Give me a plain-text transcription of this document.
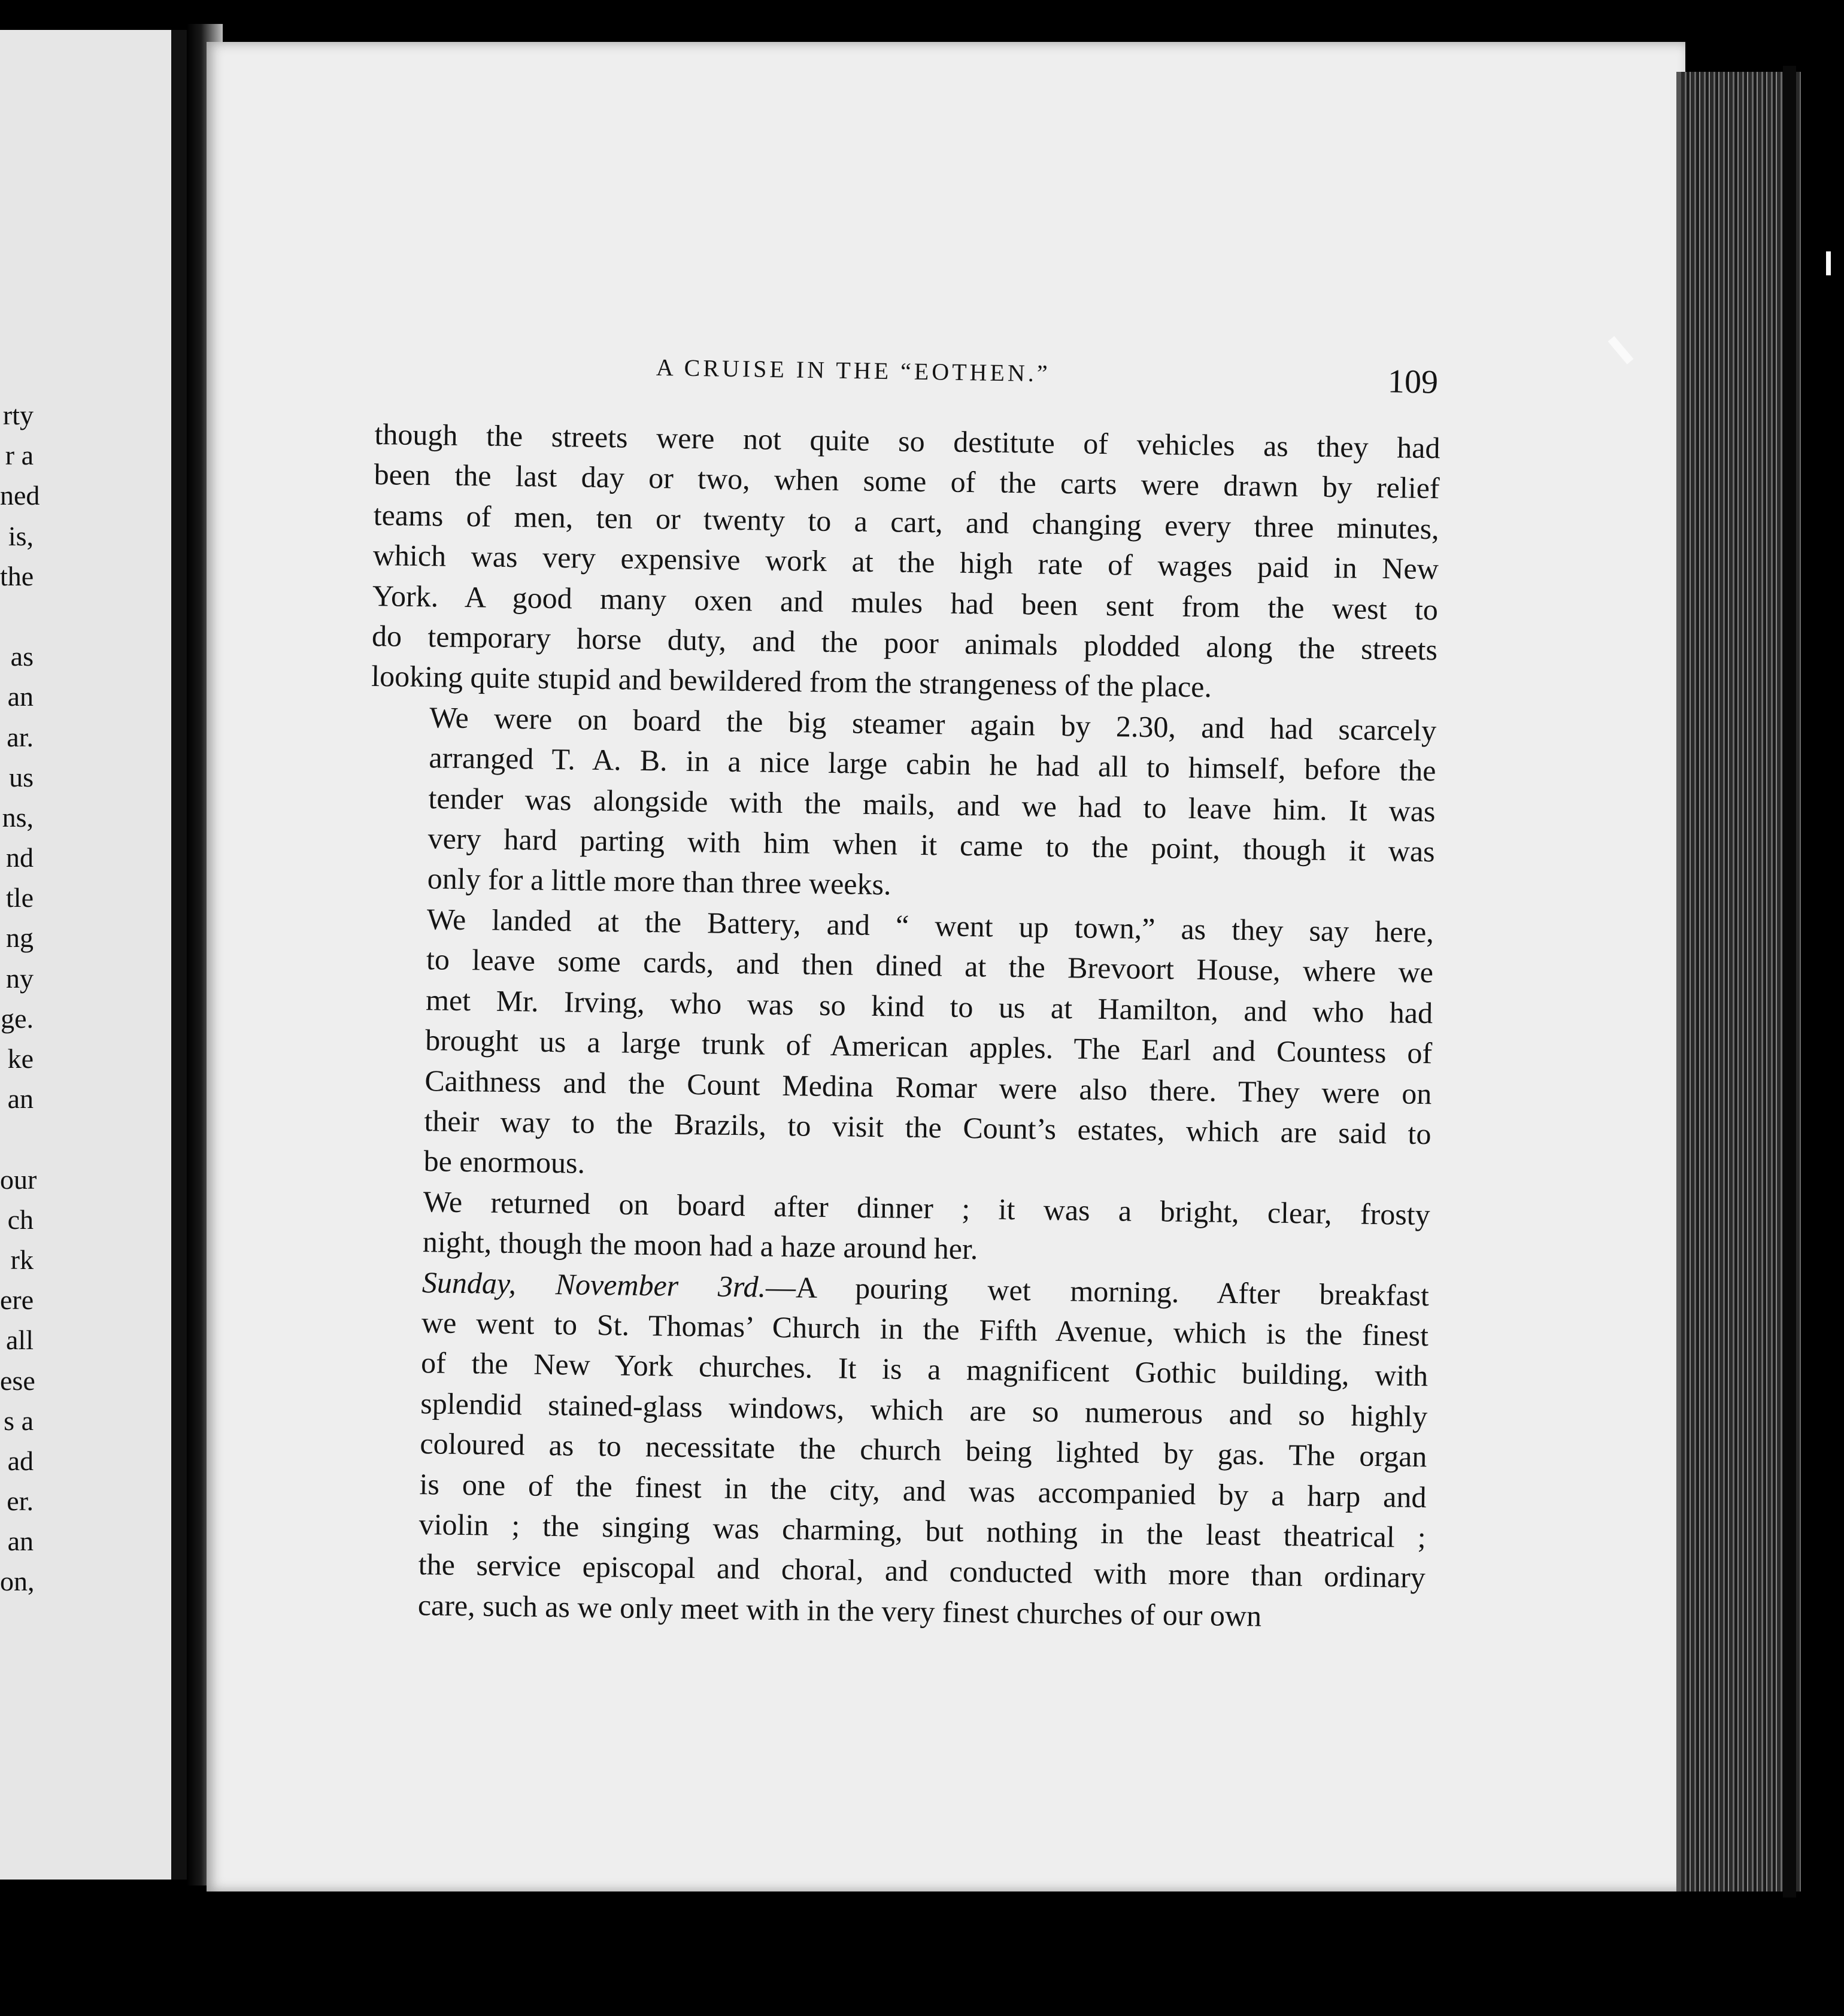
rty
r a
ned
is,
the
as
an
ar.
us
ns,
nd
tle
ng
ny
ge.
ke
an
our
ch
rk
ere
all
ese
s a
ad
er.
an
on,
A CRUISE IN THE “EOTHEN.”	109

though the streets were not quite so destitute of vehicles as they had
been the last day or two, when some of the carts were drawn by relief
teams of men, ten or twenty to a cart, and changing every three minutes,
which was very expensive work at the high rate of wages paid in New
York. A good many oxen and mules had been sent from the west to
do temporary horse duty, and the poor animals plodded along the streets
looking quite stupid and bewildered from the strangeness of the place.

We were on board the big steamer again by 2.30, and had scarcely
arranged T. A. B. in a nice large cabin he had all to himself, before the
tender was alongside with the mails, and we had to leave him. It was
very hard parting with him when it came to the point, though it was
only for a little more than three weeks.

We landed at the Battery, and “ went up town,” as they say here,
to leave some cards, and then dined at the Brevoort House, where we
met Mr. Irving, who was so kind to us at Hamilton, and who had
brought us a large trunk of American apples. The Earl and Countess of
Caithness and the Count Medina Romar were also there. They were on
their way to the Brazils, to visit the Count’s estates, which are said to
be enormous.

We returned on board after dinner ; it was a bright, clear, frosty
night, though the moon had a haze around her.

Sunday, November 3rd.—A pouring wet morning. After breakfast
we went to St. Thomas’ Church in the Fifth Avenue, which is the finest
of the New York churches. It is a magnificent Gothic building, with
splendid stained-glass windows, which are so numerous and so highly
coloured as to necessitate the church being lighted by gas. The organ
is one of the finest in the city, and was accompanied by a harp and
violin ; the singing was charming, but nothing in the least theatrical ;
the service episcopal and choral, and conducted with more than ordinary
care, such as we only meet with in the very finest churches of our own
